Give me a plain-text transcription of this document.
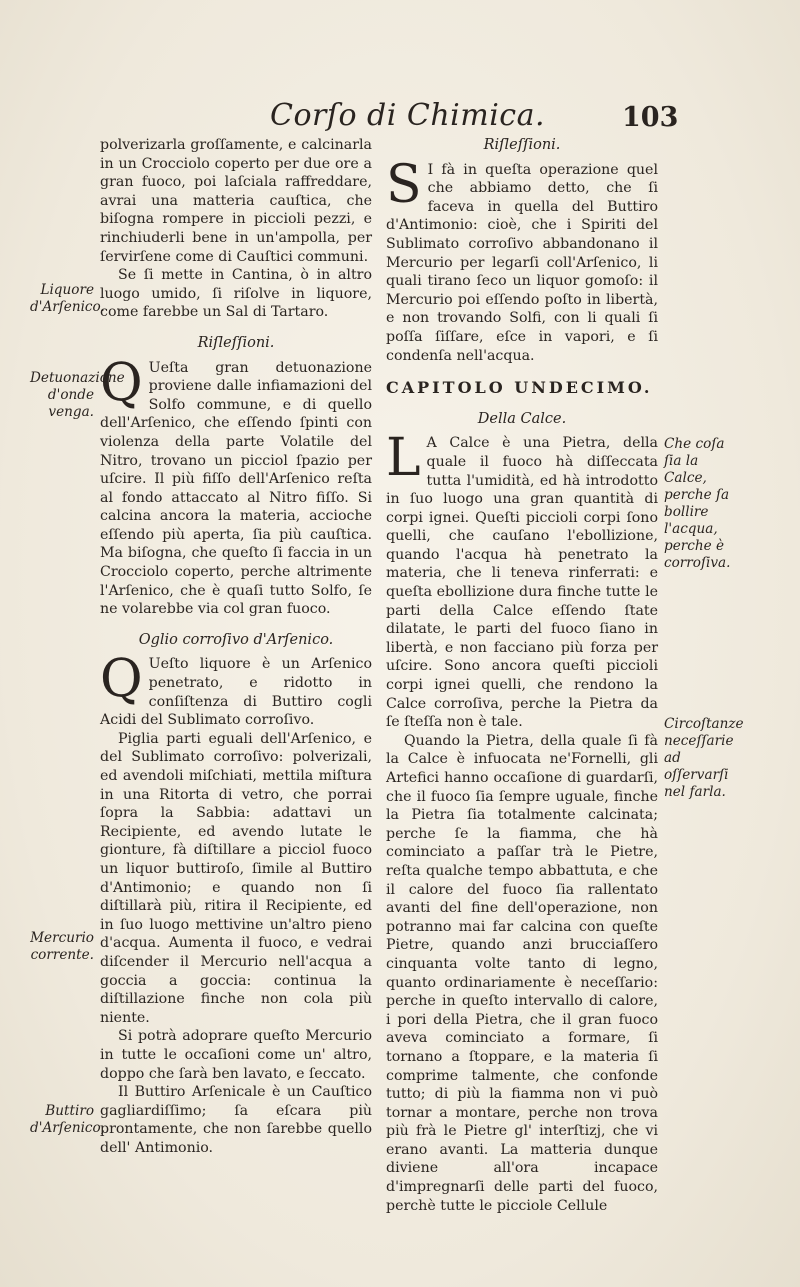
Corſo di Chimica.	103
Liquore d'Arſenico.
Detuonazione d'onde venga.
Mercurio corrente.
Buttiro d'Arſenico,
Che coſa ſia la Calce, perche ſa bollire l'acqua, perche è corroſiva.
Circoſtanze neceſſarie ad oſſervarſi nel farla.

polverizarla groſſamente, e calcinarla in un Crocciolo coperto per due ore a gran fuoco, poi laſciala raffreddare, avrai una matteria cauſtica, che biſogna rompere in piccioli pezzi, e rinchiuderli bene in un'ampolla, per ſervirſene come di Cauſtici communi.

Se ſi mette in Cantina, ò in altro luogo umido, ſi riſolve in liquore, come farebbe un Sal di Tartaro.

Riſleſſioni.

Q Ueſta gran detuonazione proviene dalle infiamazioni del Solfo commune, e di quello dell'Arſenico, che eſſendo ſpinti con violenza della parte Volatile del Nitro, trovano un picciol ſpazio per uſcire. Il più fiſſo dell'Arſenico reſta al fondo attaccato al Nitro fiſſo. Si calcina ancora la materia, accioche eſſendo più aperta, ſia più cauſtica. Ma biſogna, che queſto ſi faccia in un Crocciolo coperto, perche altrimente l'Arſenico, che è quaſi tutto Solfo, ſe ne volarebbe via col gran fuoco.

Oglio corroſivo d'Arſenico.

Q Ueſto liquore è un Arſenico penetrato, e ridotto in conſiſtenza di Buttiro cogli Acidi del Sublimato corroſivo.

Piglia parti eguali dell'Arſenico, e del Sublimato corroſivo: polverizali, ed avendoli miſchiati, mettila miſtura in una Ritorta di vetro, che porrai ſopra la Sabbia: adattavi un Recipiente, ed avendo lutate le gionture, fà diſtillare a picciol fuoco un liquor buttiroſo, ſimile al Buttiro d'Antimonio; e quando non ſi diſtillarà più, ritira il Recipiente, ed in ſuo luogo mettivine un'altro pieno d'acqua. Aumenta il fuoco, e vedrai diſcender il Mercurio nell'acqua a goccia a goccia: continua la diſtillazione finche non cola più niente.

Si potrà adoprare queſto Mercurio in tutte le occaſioni come un' altro, doppo che ſarà ben lavato, e ſeccato.

Il Buttiro Arſenicale è un Cauſtico gagliardiſſimo; ſa eſcara più prontamente, che non ſarebbe quello dell' Antimonio.

Riſleſſioni.

S I fà in queſta operazione quel che abbiamo detto, che ſi faceva in quella del Buttiro d'Antimonio: cioè, che i Spiriti del Sublimato corroſivo abbandonano il Mercurio per legarſi coll'Arſenico, li quali tirano ſeco un liquor gomoſo: il Mercurio poi eſſendo poſto in libertà, e non trovando Solfi, con li quali ſi poſſa ſiſſare, eſce in vapori, e ſi condenſa nell'acqua.

CAPITOLO UNDECIMO.

Della Calce.

L A Calce è una Pietra, della quale il fuoco hà diſſeccata tutta l'umidità, ed hà introdotto in ſuo luogo una gran quantità di corpi ignei. Queſti piccioli corpi ſono quelli, che cauſano l'ebollizione, quando l'acqua hà penetrato la materia, che li teneva rinferrati: e queſta ebollizione dura finche tutte le parti della Calce eſſendo ſtate dilatate, le parti del fuoco ſiano in libertà, e non facciano più forza per uſcire. Sono ancora queſti piccioli corpi ignei quelli, che rendono la Calce corroſiva, perche la Pietra da ſe ſteſſa non è tale.

Quando la Pietra, della quale ſi fà la Calce è infuocata ne'Fornelli, gli Artefici hanno occaſione di guardarſi, che il fuoco ſia ſempre uguale, finche la Pietra ſia totalmente calcinata; perche ſe la fiamma, che hà cominciato a paſſar trà le Pietre, reſta qualche tempo abbattuta, e che il calore del fuoco ſia rallentato avanti del fine dell'operazione, non potranno mai far calcina con queſte Pietre, quando anzi brucciaſſero cinquanta volte tanto di legno, quanto ordinariamente è neceſſario: perche in queſto intervallo di calore, i pori della Pietra, che il gran fuoco aveva cominciato a formare, ſi tornano a ſtoppare, e la materia ſi comprime talmente, che confonde tutto; di più la fiamma non vi può tornar a montare, perche non trova più frà le Pietre gl' interſtizj, che vi erano avanti. La matteria dunque diviene all'ora incapace d'impregnarſi delle parti del fuoco, perchè tutte le picciole Cellule
